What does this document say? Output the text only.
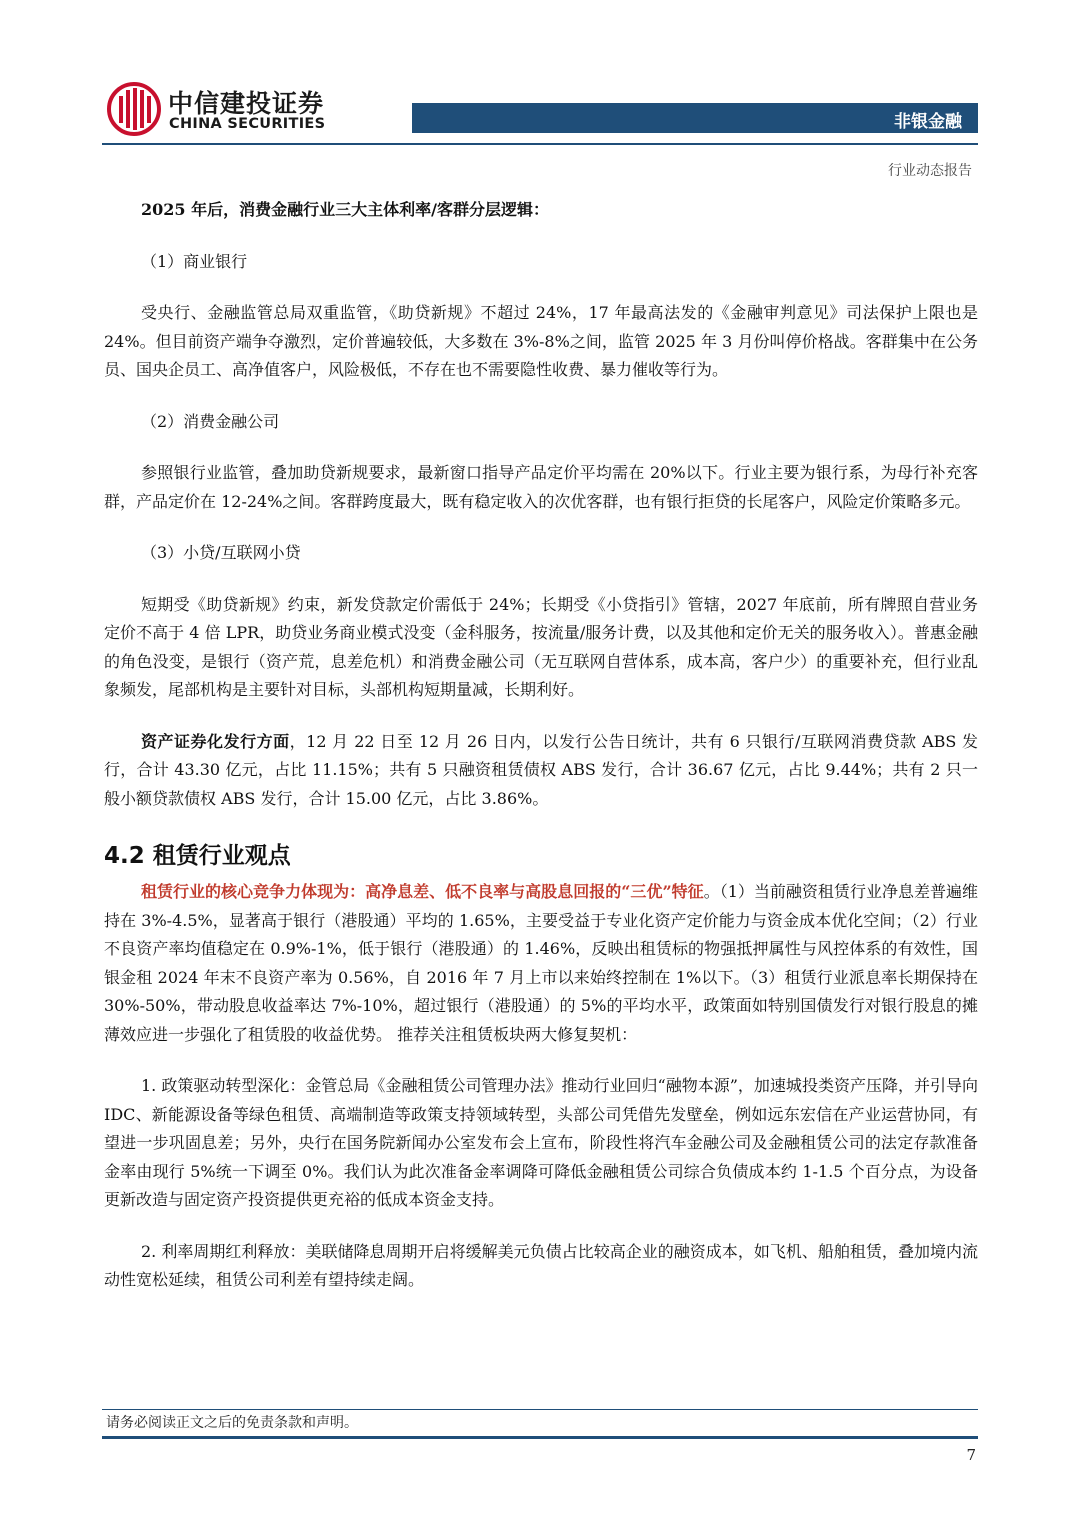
中信建投证券
CHINA SECURITIES	非银金融
行业动态报告

2025 年后，消费金融行业三大主体利率/客群分层逻辑：

（1）商业银行

受央行、金融监管总局双重监管，《助贷新规》不超过 24%，17 年最高法发的《金融审判意见》司法保护上限也是 24%。但目前资产端争夺激烈，定价普遍较低，大多数在 3%-8%之间，监管 2025 年 3 月份叫停价格战。客群集中在公务员、国央企员工、高净值客户，风险极低，不存在也不需要隐性收费、暴力催收等行为。

（2）消费金融公司

参照银行业监管，叠加助贷新规要求，最新窗口指导产品定价平均需在 20%以下。行业主要为银行系，为母行补充客群，产品定价在 12-24%之间。客群跨度最大，既有稳定收入的次优客群，也有银行拒贷的长尾客户，风险定价策略多元。

（3）小贷/互联网小贷

短期受《助贷新规》约束，新发贷款定价需低于 24%；长期受《小贷指引》管辖，2027 年底前，所有牌照自营业务定价不高于 4 倍 LPR，助贷业务商业模式没变（金科服务，按流量/服务计费，以及其他和定价无关的服务收入）。普惠金融的角色没变，是银行（资产荒，息差危机）和消费金融公司（无互联网自营体系，成本高，客户少）的重要补充，但行业乱象频发，尾部机构是主要针对目标，头部机构短期量减，长期利好。

资产证券化发行方面，12 月 22 日至 12 月 26 日内，以发行公告日统计，共有 6 只银行/互联网消费贷款 ABS 发行，合计 43.30 亿元，占比 11.15%；共有 5 只融资租赁债权 ABS 发行，合计 36.67 亿元，占比 9.44%；共有 2 只一般小额贷款债权 ABS 发行，合计 15.00 亿元，占比 3.86%。

4.2 租赁行业观点

租赁行业的核心竞争力体现为：高净息差、低不良率与高股息回报的“三优”特征。（1）当前融资租赁行业净息差普遍维持在 3%-4.5%，显著高于银行（港股通）平均的 1.65%，主要受益于专业化资产定价能力与资金成本优化空间；（2）行业不良资产率均值稳定在 0.9%-1%，低于银行（港股通）的 1.46%，反映出租赁标的物强抵押属性与风控体系的有效性，国银金租 2024 年末不良资产率为 0.56%，自 2016 年 7 月上市以来始终控制在 1%以下。（3）租赁行业派息率长期保持在 30%-50%，带动股息收益率达 7%-10%，超过银行（港股通）的 5%的平均水平，政策面如特别国债发行对银行股息的摊薄效应进一步强化了租赁股的收益优势。 推荐关注租赁板块两大修复契机：

1. 政策驱动转型深化：金管总局《金融租赁公司管理办法》推动行业回归“融物本源”，加速城投类资产压降，并引导向 IDC、新能源设备等绿色租赁、高端制造等政策支持领域转型，头部公司凭借先发壁垒，例如远东宏信在产业运营协同，有望进一步巩固息差；另外，央行在国务院新闻办公室发布会上宣布，阶段性将汽车金融公司及金融租赁公司的法定存款准备金率由现行 5%统一下调至 0%。我们认为此次准备金率调降可降低金融租赁公司综合负债成本约 1-1.5 个百分点，为设备更新改造与固定资产投资提供更充裕的低成本资金支持。

2. 利率周期红利释放：美联储降息周期开启将缓解美元负债占比较高企业的融资成本，如飞机、船舶租赁，叠加境内流动性宽松延续，租赁公司利差有望持续走阔。

请务必阅读正文之后的免责条款和声明。
7
